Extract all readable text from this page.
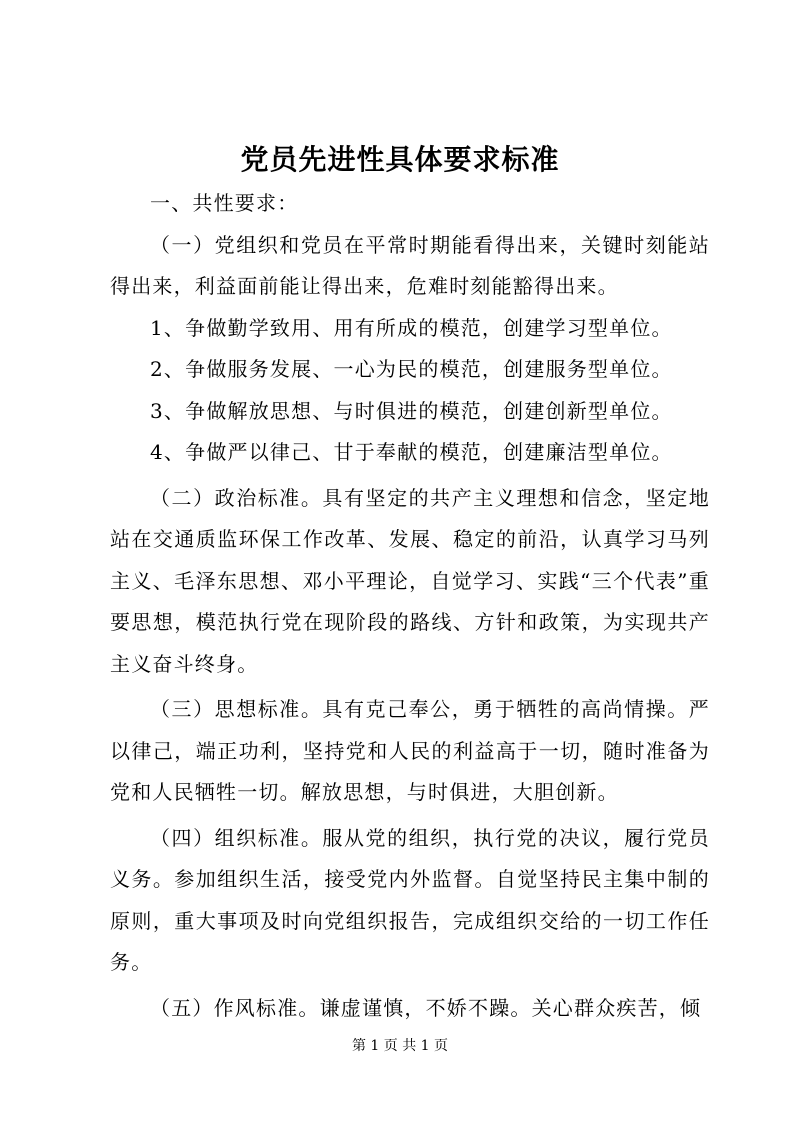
党员先进性具体要求标准

一、共性要求：

（一）党组织和党员在平常时期能看得出来，关键时刻能站得出来，利益面前能让得出来，危难时刻能豁得出来。

1、争做勤学致用、用有所成的模范，创建学习型单位。

2、争做服务发展、一心为民的模范，创建服务型单位。

3、争做解放思想、与时俱进的模范，创建创新型单位。

4、争做严以律己、甘于奉献的模范，创建廉洁型单位。

（二）政治标准。具有坚定的共产主义理想和信念，坚定地站在交通质监环保工作改革、发展、稳定的前沿，认真学习马列主义、毛泽东思想、邓小平理论，自觉学习、实践“三个代表”重要思想，模范执行党在现阶段的路线、方针和政策，为实现共产主义奋斗终身。

（三）思想标准。具有克己奉公，勇于牺牲的高尚情操。严以律己，端正功利，坚持党和人民的利益高于一切，随时准备为党和人民牺牲一切。解放思想，与时俱进，大胆创新。

（四）组织标准。服从党的组织，执行党的决议，履行党员义务。参加组织生活，接受党内外监督。自觉坚持民主集中制的原则，重大事项及时向党组织报告，完成组织交给的一切工作任务。

（五）作风标准。谦虚谨慎，不娇不躁。关心群众疾苦，倾

第 1 页 共 1 页
